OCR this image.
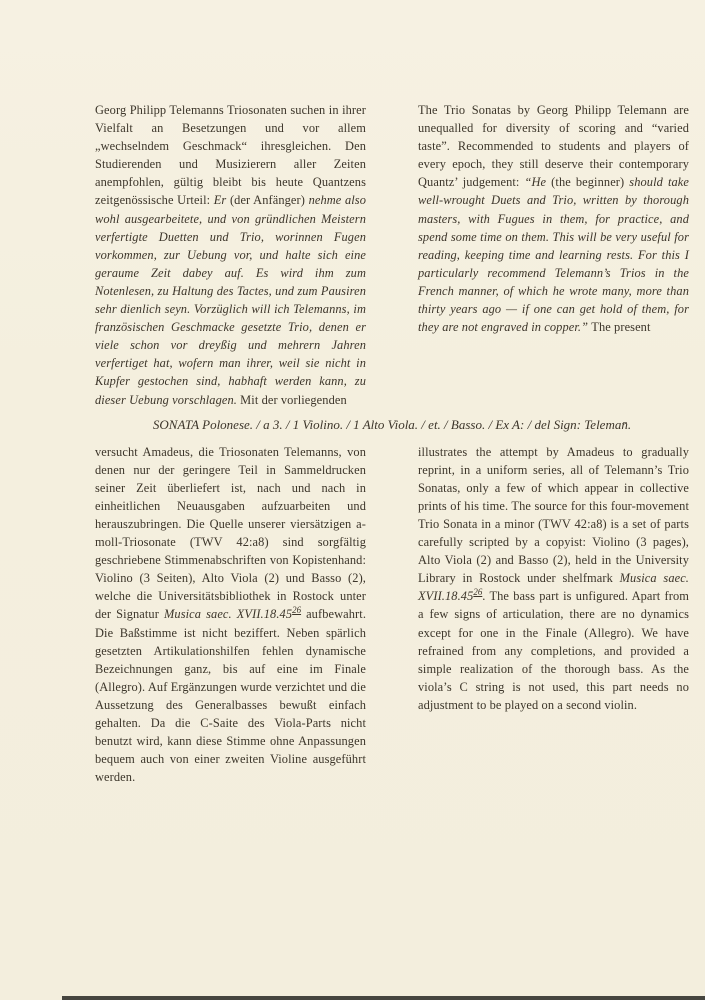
Georg Philipp Telemanns Triosonaten suchen in ihrer Vielfalt an Besetzungen und vor allem „wechselndem Geschmack“ ihresgleichen. Den Studierenden und Musizierern aller Zeiten anempfohlen, gültig bleibt bis heute Quantzens zeitgenössische Urteil: Er (der Anfänger) nehme also wohl ausgearbeitete, und von gründlichen Meistern verfertigte Duetten und Trio, worinnen Fugen vorkommen, zur Uebung vor, und halte sich eine geraume Zeit dabey auf. Es wird ihm zum Notenlesen, zu Haltung des Tactes, und zum Pausiren sehr dienlich seyn. Vorzüglich will ich Telemanns, im französischen Geschmacke gesetzte Trio, denen er viele schon vor dreyßig und mehrern Jahren verfertiget hat, wofern man ihrer, weil sie nicht in Kupfer gestochen sind, habhaft werden kann, zu dieser Uebung vorschlagen. Mit der vorliegenden

The Trio Sonatas by Georg Philipp Telemann are unequalled for diversity of scoring and “varied taste”. Recommended to students and players of every epoch, they still deserve their contemporary Quantz’ judgement: “He (the beginner) should take well-wrought Duets and Trio, written by thorough masters, with Fugues in them, for practice, and spend some time on them. This will be very useful for reading, keeping time and learning rests. For this I particularly recommend Telemann’s Trios in the French manner, of which he wrote many, more than thirty years ago — if one can get hold of them, for they are not engraved in copper.” The present

SONATA Polonese. / a 3. / 1 Violino. / 1 Alto Viola. / et. / Basso. / Ex A: / del Sign: Teleman̄.

versucht Amadeus, die Triosonaten Telemanns, von denen nur der geringere Teil in Sammeldrucken seiner Zeit überliefert ist, nach und nach in einheitlichen Neuausgaben aufzuarbeiten und herauszubringen. Die Quelle unserer viersätzigen a-moll-Triosonate (TWV 42:a8) sind sorgfältig geschriebene Stimmenabschriften von Kopistenhand: Violino (3 Seiten), Alto Viola (2) und Basso (2), welche die Universitätsbibliothek in Rostock unter der Signatur Musica saec. XVII.18.45$^{26}$ aufbewahrt. Die Baßstimme ist nicht beziffert. Neben spärlich gesetzten Artikulationshilfen fehlen dynamische Bezeichnungen ganz, bis auf eine im Finale (Allegro). Auf Ergänzungen wurde verzichtet und die Aussetzung des Generalbasses bewußt einfach gehalten. Da die C-Saite des Viola-Parts nicht benutzt wird, kann diese Stimme ohne Anpassungen bequem auch von einer zweiten Violine ausgeführt werden.

illustrates the attempt by Amadeus to gradually reprint, in a uniform series, all of Telemann’s Trio Sonatas, only a few of which appear in collective prints of his time. The source for this four-movement Trio Sonata in a minor (TWV 42:a8) is a set of parts carefully scripted by a copyist: Violino (3 pages), Alto Viola (2) and Basso (2), held in the University Library in Rostock under shelfmark Musica saec. XVII.18.45$^{26}$. The bass part is unfigured. Apart from a few signs of articulation, there are no dynamics except for one in the Finale (Allegro). We have refrained from any completions, and provided a simple realization of the thorough bass. As the viola’s C string is not used, this part needs no adjustment to be played on a second violin.
